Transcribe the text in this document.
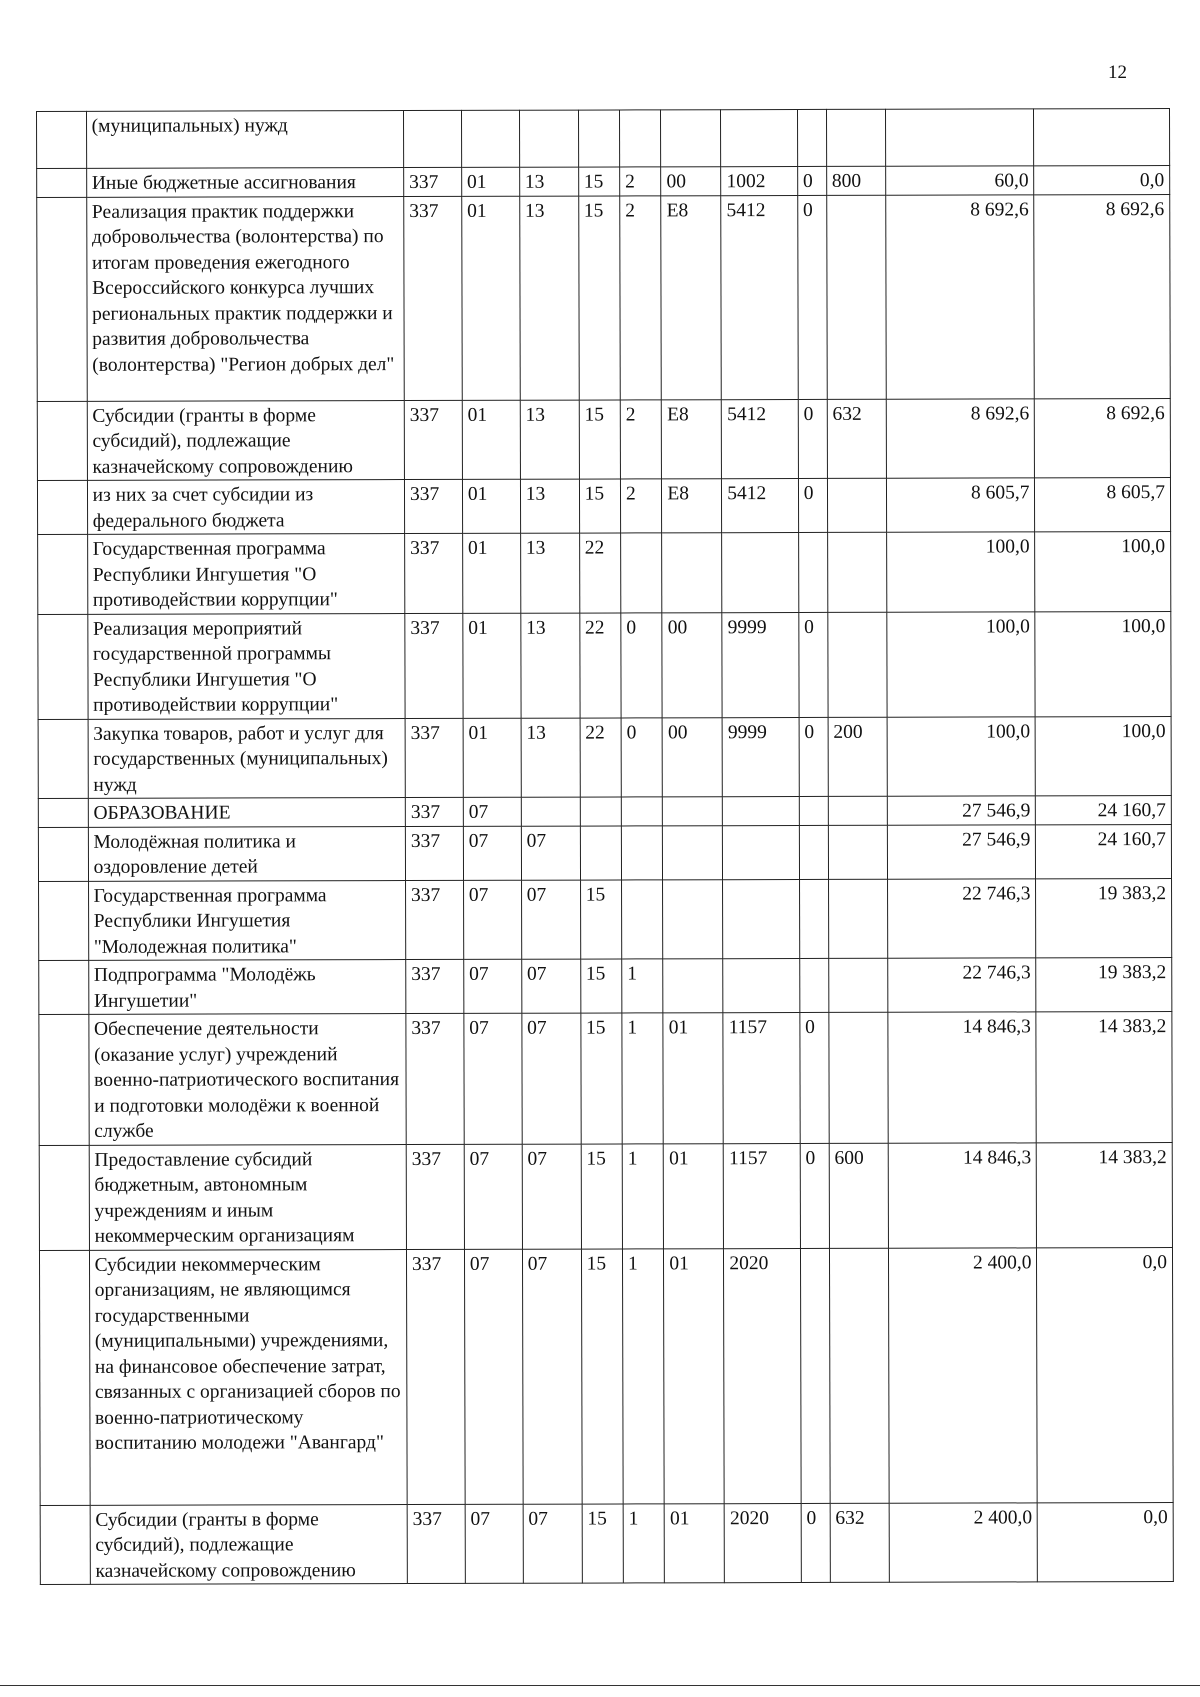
12
	(муниципальных) нужд											
	Иные бюджетные ассигнования	337	01	13	15	2	00	1002	0	800	60,0	0,0
	Реализация практик поддержки добровольчества (волонтерства) по итогам проведения ежегодного Всероссийского конкурса лучших региональных практик поддержки и развития добровольчества (волонтерства) "Регион добрых дел"	337	01	13	15	2	Е8	5412	0		8 692,6	8 692,6
	Субсидии (гранты в форме субсидий), подлежащие казначейскому сопровождению	337	01	13	15	2	Е8	5412	0	632	8 692,6	8 692,6
	из них за счет субсидии из федерального бюджета	337	01	13	15	2	Е8	5412	0		8 605,7	8 605,7
	Государственная программа Республики Ингушетия "О противодействии коррупции"	337	01	13	22						100,0	100,0
	Реализация мероприятий государственной программы Республики Ингушетия "О противодействии коррупции"	337	01	13	22	0	00	9999	0		100,0	100,0
	Закупка товаров, работ и услуг для государственных (муниципальных) нужд	337	01	13	22	0	00	9999	0	200	100,0	100,0
	ОБРАЗОВАНИЕ	337	07								27 546,9	24 160,7
	Молодёжная политика и оздоровление детей	337	07	07							27 546,9	24 160,7
	Государственная программа Республики Ингушетия "Молодежная политика"	337	07	07	15						22 746,3	19 383,2
	Подпрограмма "Молодёжь Ингушетии"	337	07	07	15	1					22 746,3	19 383,2
	Обеспечение деятельности (оказание услуг) учреждений военно-патриотического воспитания и подготовки молодёжи к военной службе	337	07	07	15	1	01	1157	0		14 846,3	14 383,2
	Предоставление субсидий бюджетным, автономным учреждениям и иным некоммерческим организациям	337	07	07	15	1	01	1157	0	600	14 846,3	14 383,2
	Субсидии некоммерческим организациям, не являющимся государственными (муниципальными) учреждениями, на финансовое обеспечение затрат, связанных с организацией сборов по военно-патриотическому воспитанию молодежи "Авангард"	337	07	07	15	1	01	2020			2 400,0	0,0
	Субсидии (гранты в форме субсидий), подлежащие казначейскому сопровождению	337	07	07	15	1	01	2020	0	632	2 400,0	0,0
